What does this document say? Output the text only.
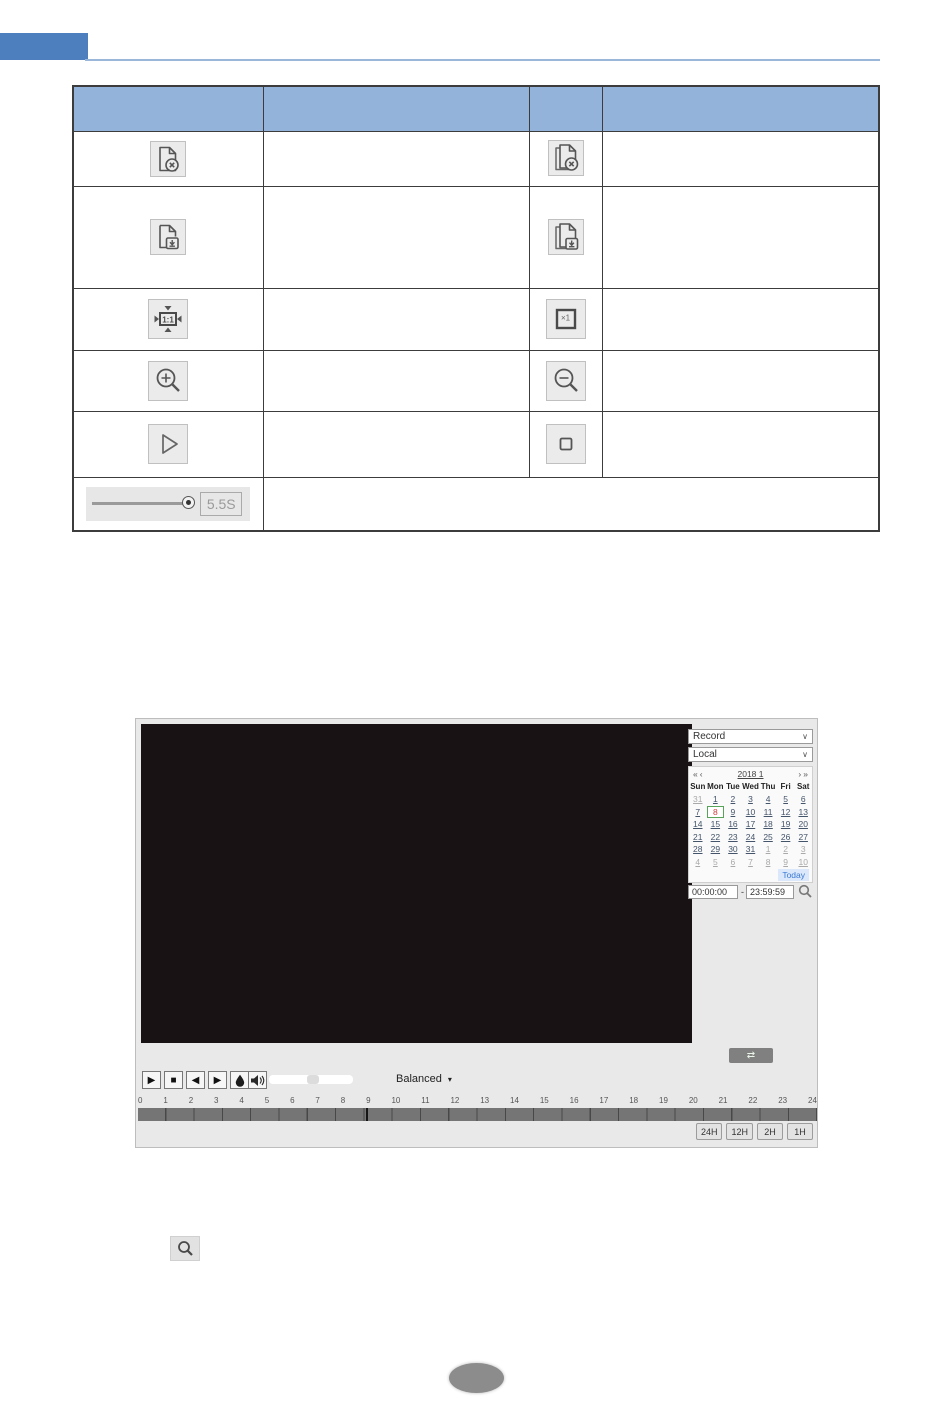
1:1		×1	

5.5S			

Record	∨
Local	∨
« ‹	2018 1	› »
Sun Mon Tue Wed Thu Fri Sat
31	1	2	3	4	5	6
7	8	9	10 11 12 13
14 15 16 17 18 19 20
21 22 23 24 25 26 27
28 29 30 31	1	2	3
4	5	6	7	8	9	10
Today
00:00:00	- 23:59:59
⇄
▶ ■ ◀ ▶	Balanced ▾
0	1	2	3	4	5	6	7	8	9	10	11	12	13	14	15	16	17	18	19	20	21	22	23	24
24H	12H	2H	1H
